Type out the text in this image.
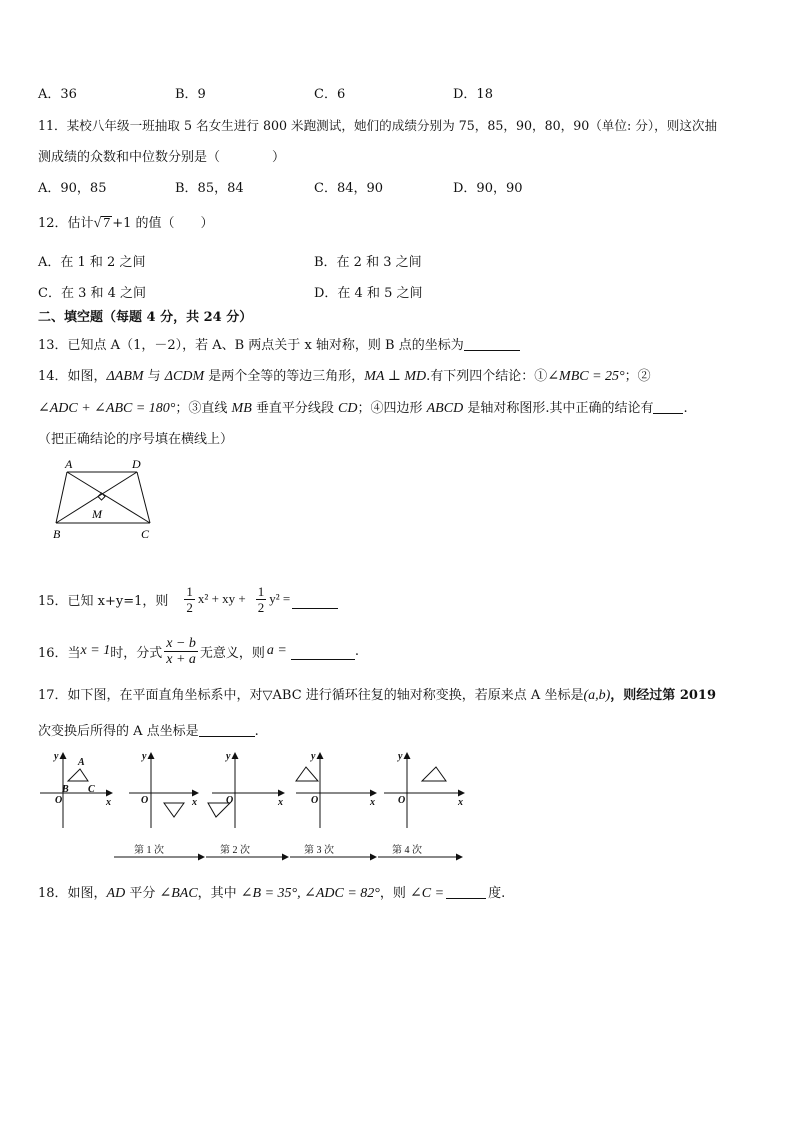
A．36	B．9	C．6	D．18
11．某校八年级一班抽取 5 名女生进行 800 米跑测试，她们的成绩分别为 75，85，90，80，90（单位: 分），则这次抽
测成绩的众数和中位数分别是（　　　　）
A．90，85	B．85，84	C．84，90	D．90，90
12．估计√ 7 +1 的值（　　）
A．在 1 和 2 之间	B．在 2 和 3 之间
C．在 3 和 4 之间	D．在 4 和 5 之间
二、填空题（每题 4 分，共 24 分）
13．已知点 A（1，－2），若 A、B 两点关于 x 轴对称，则 B 点的坐标为
14．如图，ΔABM 与 ΔCDM 是两个全等的等边三角形，MA ⊥ MD.有下列四个结论：①∠MBC = 25°；②
∠ADC + ∠ABC = 180°；③直线 MB 垂直平分线段 CD；④四边形 ABCD 是轴对称图形.其中正确的结论有 .
（把正确结论的序号填在横线上）
A	D
M
B	C
15．已知 x+y=1，则 $\frac{1}{2} x^2$ + xy + $\frac{1}{2} y^2$ =
16．当 x = 1 时，分式 $\frac{x - b}{x + a}$ 无意义，则 a =	.
17．如下图，在平面直角坐标系中，对▽ABC 进行循环往复的轴对称变换，若原来点 A 坐标是(a,b)，则经过第 2019
次变换后所得的 A 点坐标是	.
y
x
O
A
B C
y
x
O
y
x
O
y
x
O
y
x
O
第 1 次	第 2 次	第 3 次	第 4 次
18．如图，AD 平分 ∠BAC，其中 ∠B = 35°, ∠ADC = 82°，则 ∠C =	度.
